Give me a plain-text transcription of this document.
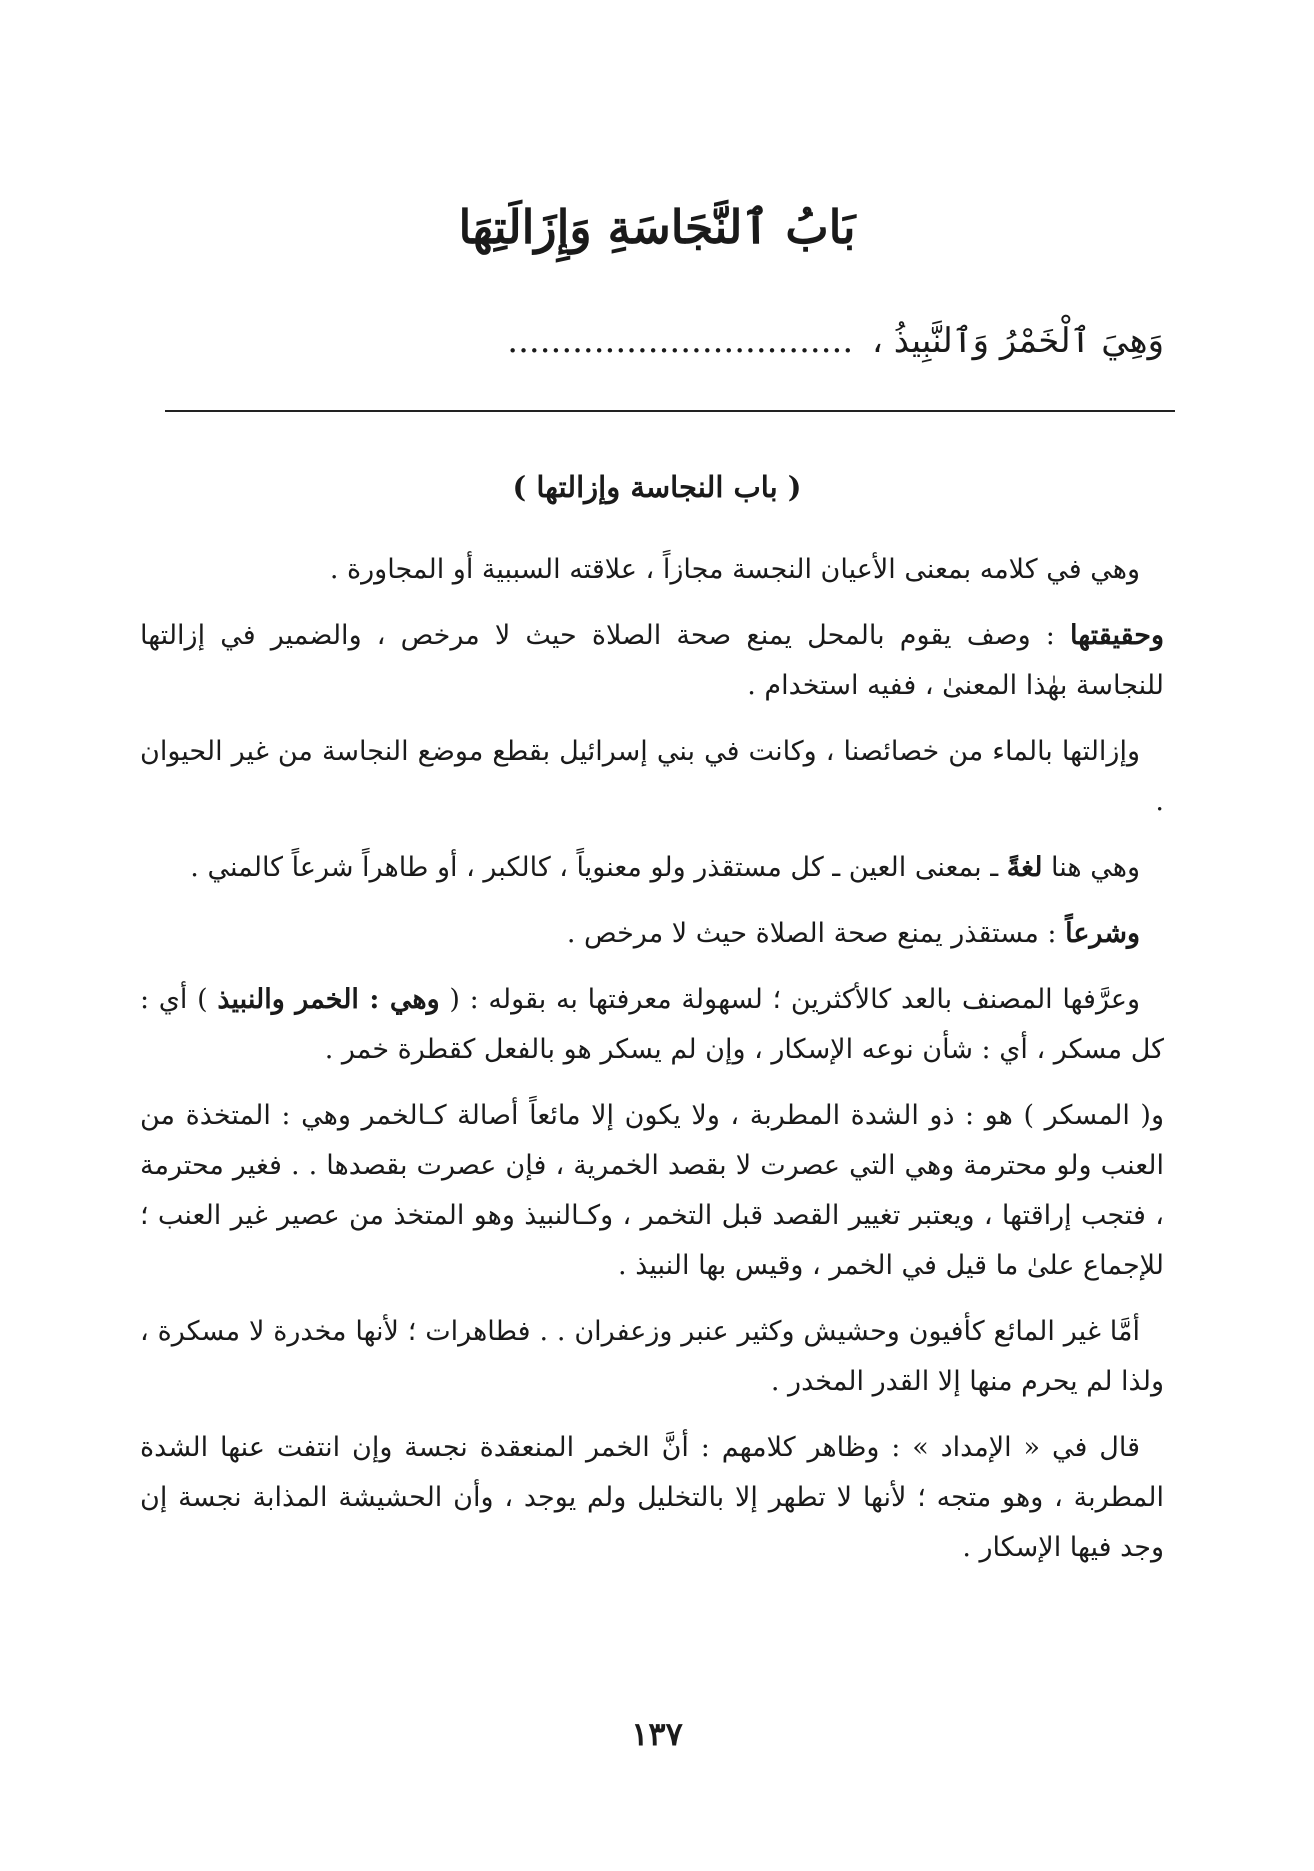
بَابُ ٱلنَّجَاسَةِ وَإِزَالَتِهَا
وَهِيَ ٱلْخَمْرُ وَٱلنَّبِيذُ ، ................................
( باب النجاسة وإزالتها )

وهي في كلامه بمعنى الأعيان النجسة مجازاً ، علاقته السببية أو المجاورة .

وحقيقتها : وصف يقوم بالمحل يمنع صحة الصلاة حيث لا مرخص ، والضمير في إزالتها للنجاسة بهٰذا المعنىٰ ، ففيه استخدام .

وإزالتها بالماء من خصائصنا ، وكانت في بني إسرائيل بقطع موضع النجاسة من غير الحيوان .

وهي هنا لغةً ـ بمعنى العين ـ كل مستقذر ولو معنوياً ، كالكبر ، أو طاهراً شرعاً كالمني .

وشرعاً : مستقذر يمنع صحة الصلاة حيث لا مرخص .

وعرَّفها المصنف بالعد كالأكثرين ؛ لسهولة معرفتها به بقوله : ( وهي : الخمر والنبيذ ) أي : كل مسكر ، أي : شأن نوعه الإسكار ، وإن لم يسكر هو بالفعل كقطرة خمر .

و( المسكر ) هو : ذو الشدة المطربة ، ولا يكون إلا مائعاً أصالة كـالخمر وهي : المتخذة من العنب ولو محترمة وهي التي عصرت لا بقصد الخمرية ، فإن عصرت بقصدها . . فغير محترمة ، فتجب إراقتها ، ويعتبر تغيير القصد قبل التخمر ، وكـالنبيذ وهو المتخذ من عصير غير العنب ؛ للإجماع علىٰ ما قيل في الخمر ، وقيس بها النبيذ .

أمَّا غير المائع كأفيون وحشيش وكثير عنبر وزعفران . . فطاهرات ؛ لأنها مخدرة لا مسكرة ، ولذا لم يحرم منها إلا القدر المخدر .

قال في « الإمداد » : وظاهر كلامهم : أنَّ الخمر المنعقدة نجسة وإن انتفت عنها الشدة المطربة ، وهو متجه ؛ لأنها لا تطهر إلا بالتخليل ولم يوجد ، وأن الحشيشة المذابة نجسة إن وجد فيها الإسكار .

١٣٧
